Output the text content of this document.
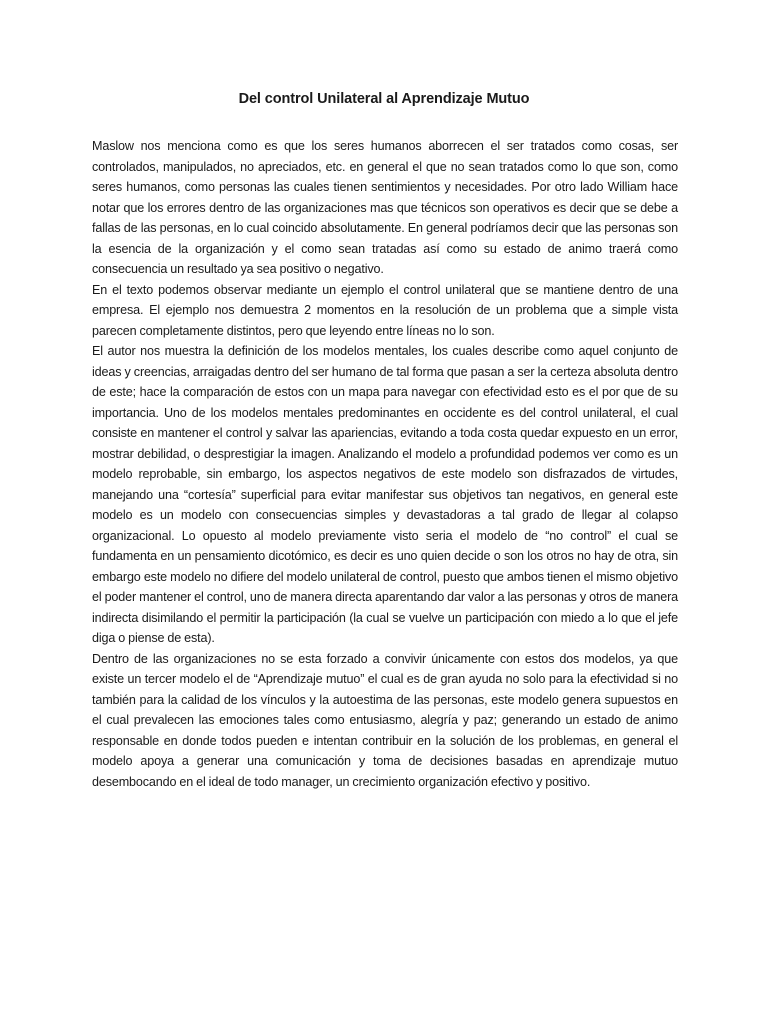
Del control Unilateral al Aprendizaje Mutuo

Maslow nos menciona como es que los seres humanos aborrecen el ser tratados como cosas, ser controlados, manipulados, no apreciados, etc. en general el que no sean tratados como lo que son, como seres humanos, como personas las cuales tienen sentimientos y necesidades. Por otro lado William hace notar que los errores dentro de las organizaciones mas que técnicos son operativos es decir que se debe a fallas de las personas, en lo cual coincido absolutamente. En general podríamos decir que las personas son la esencia de la organización y el como sean tratadas así como su estado de animo traerá como consecuencia un resultado ya sea positivo o negativo.

En el texto podemos observar mediante un ejemplo el control unilateral que se mantiene dentro de una empresa. El ejemplo nos demuestra 2 momentos en la resolución de un problema que a simple vista parecen completamente distintos, pero que leyendo entre líneas no lo son.

El autor nos muestra la definición de los modelos mentales, los cuales describe como aquel conjunto de ideas y creencias, arraigadas dentro del ser humano de tal forma que pasan a ser la certeza absoluta dentro de este; hace la comparación de estos con un mapa para navegar con efectividad esto es el por que de su importancia. Uno de los modelos mentales predominantes en occidente es del control unilateral, el cual consiste en mantener el control y salvar las apariencias, evitando a toda costa quedar expuesto en un error, mostrar debilidad, o desprestigiar la imagen. Analizando el modelo a profundidad podemos ver como es un modelo reprobable, sin embargo, los aspectos negativos de este modelo son disfrazados de virtudes, manejando una “cortesía” superficial para evitar manifestar sus objetivos tan negativos, en general este modelo es un modelo con consecuencias simples y devastadoras a tal grado de llegar al colapso organizacional. Lo opuesto al modelo previamente visto seria el modelo de “no control” el cual se fundamenta en un pensamiento dicotómico, es decir es uno quien decide o son los otros no hay de otra, sin embargo este modelo no difiere del modelo unilateral de control, puesto que ambos tienen el mismo objetivo el poder mantener el control, uno de manera directa aparentando dar valor a las personas y otros de manera indirecta disimilando el permitir la participación (la cual se vuelve un participación con miedo a lo que el jefe diga o piense de esta).

Dentro de las organizaciones no se esta forzado a convivir únicamente con estos dos modelos, ya que existe un tercer modelo el de “Aprendizaje mutuo” el cual es de gran ayuda no solo para la efectividad si no también para la calidad de los vínculos y la autoestima de las personas, este modelo genera supuestos en el cual prevalecen las emociones tales como entusiasmo, alegría y paz; generando un estado de animo responsable en donde todos pueden e intentan contribuir en la solución de los problemas, en general el modelo apoya a generar una comunicación y toma de decisiones basadas en aprendizaje mutuo desembocando en el ideal de todo manager, un crecimiento organización efectivo y positivo.
